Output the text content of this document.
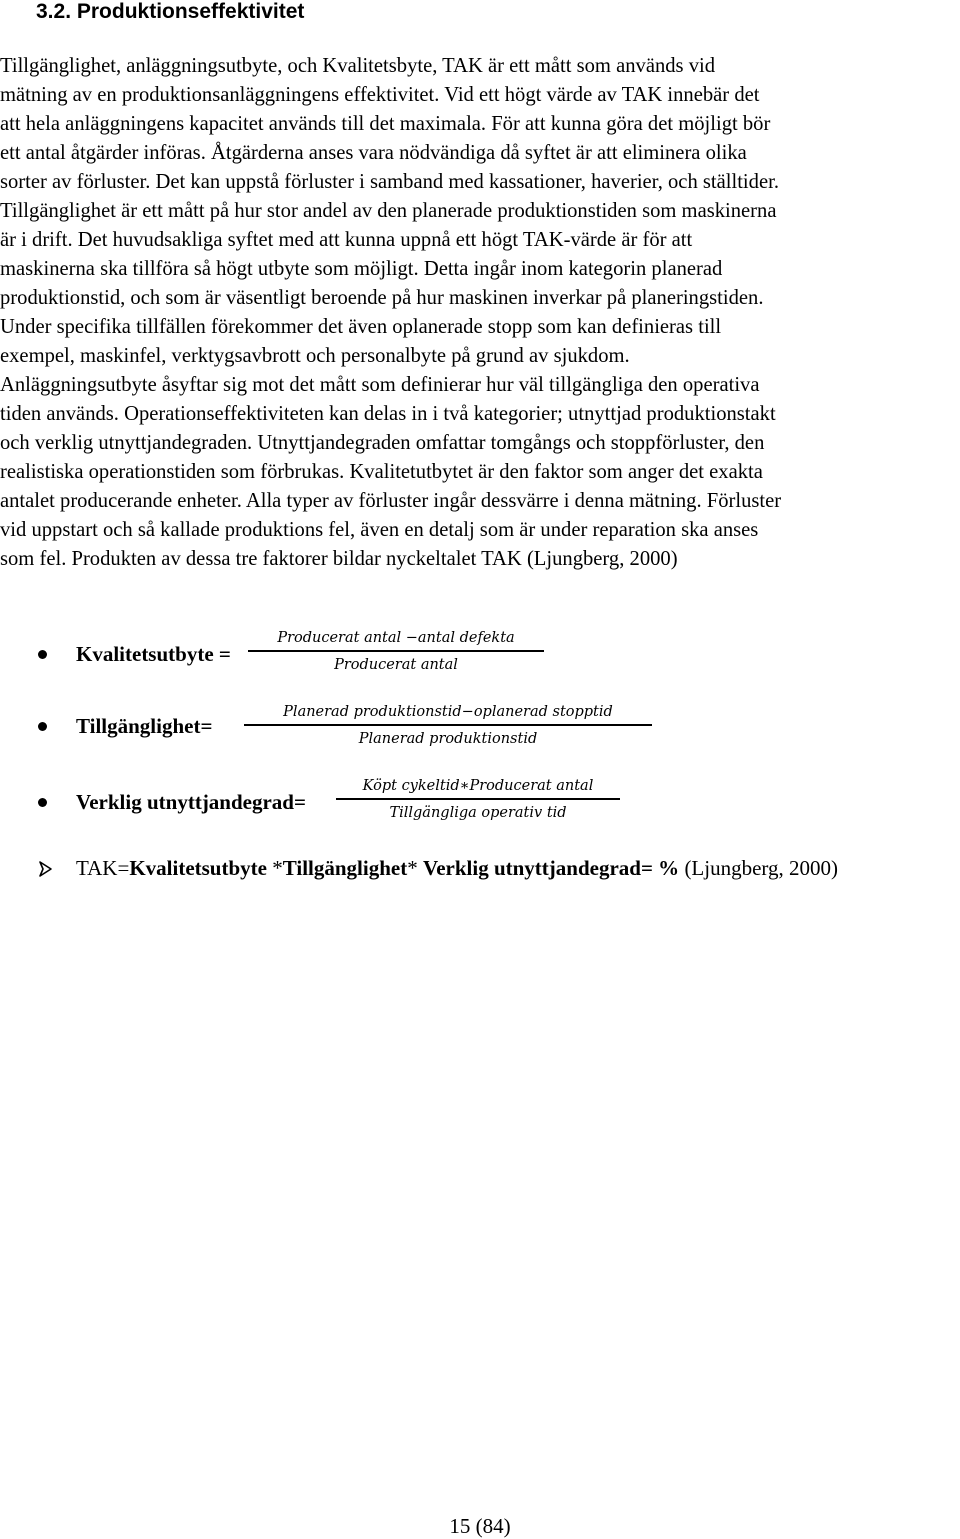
3.2. Produktionseffektivitet
Tillgänglighet, anläggningsutbyte, och Kvalitetsbyte, TAK är ett mått som används vid
mätning av en produktionsanläggningens effektivitet. Vid ett högt värde av TAK innebär det
att hela anläggningens kapacitet används till det maximala. För att kunna göra det möjligt bör
ett antal åtgärder införas. Åtgärderna anses vara nödvändiga då syftet är att eliminera olika
sorter av förluster. Det kan uppstå förluster i samband med kassationer, haverier, och ställtider.
Tillgänglighet är ett mått på hur stor andel av den planerade produktionstiden som maskinerna
är i drift. Det huvudsakliga syftet med att kunna uppnå ett högt TAK-värde är för att
maskinerna ska tillföra så högt utbyte som möjligt. Detta ingår inom kategorin planerad
produktionstid, och som är väsentligt beroende på hur maskinen inverkar på planeringstiden.
Under specifika tillfällen förekommer det även oplanerade stopp som kan definieras till
exempel, maskinfel, verktygsavbrott och personalbyte på grund av sjukdom.
Anläggningsutbyte åsyftar sig mot det mått som definierar hur väl tillgängliga den operativa
tiden används. Operationseffektiviteten kan delas in i två kategorier; utnyttjad produktionstakt
och verklig utnyttjandegraden. Utnyttjandegraden omfattar tomgångs och stoppförluster, den
realistiska operationstiden som förbrukas. Kvalitetutbytet är den faktor som anger det exakta
antalet producerande enheter. Alla typer av förluster ingår dessvärre i denna mätning. Förluster
vid uppstart och så kallade produktions fel, även en detalj som är under reparation ska anses
som fel. Produkten av dessa tre faktorer bildar nyckeltalet TAK (Ljungberg, 2000)
Kvalitetsutbyte =
Producerat antal −antal defekta
Producerat antal
Tillgänglighet=
Planerad produktionstid−oplanerad stopptid
Planerad produktionstid
Verklig utnyttjandegrad=
Köpt cykeltid∗Producerat antal
Tillgängliga operativ tid
TAK=Kvalitetsutbyte *Tillgänglighet* Verklig utnyttjandegrad= % (Ljungberg, 2000)
15 (84)
